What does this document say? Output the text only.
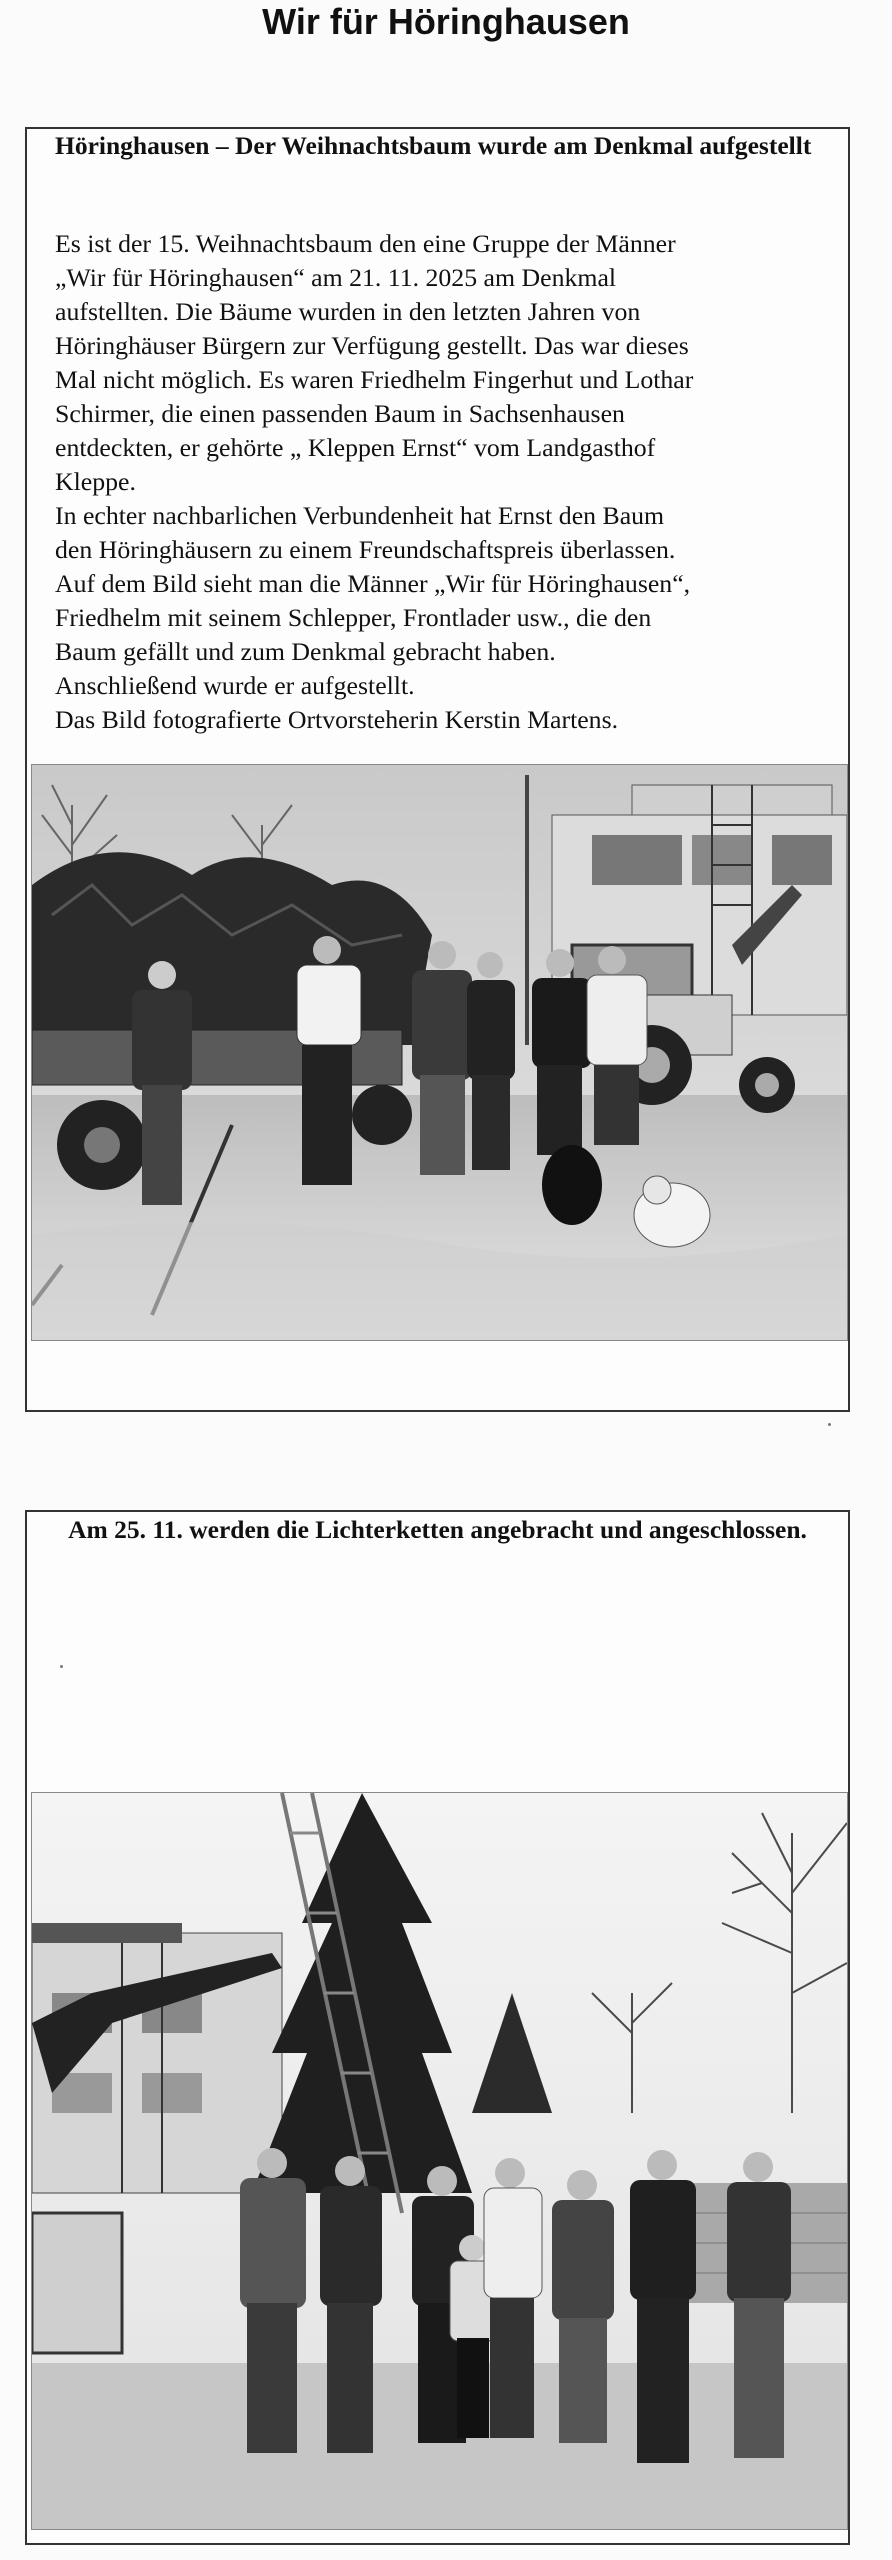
Wir für Höringhausen
Höringhausen – Der Weihnachtsbaum wurde am Denkmal aufgestellt

Es ist der 15. Weihnachtsbaum den eine Gruppe der Männer

„Wir für Höringhausen“ am 21. 11. 2025 am Denkmal

aufstellten. Die Bäume wurden in den letzten Jahren von

Höringhäuser Bürgern zur Verfügung gestellt. Das war dieses

Mal nicht möglich. Es waren Friedhelm Fingerhut und Lothar

Schirmer, die einen passenden Baum in Sachsenhausen

entdeckten, er gehörte „ Kleppen Ernst“ vom Landgasthof

Kleppe.

In echter nachbarlichen Verbundenheit hat Ernst den Baum

den Höringhäusern zu einem Freundschaftspreis überlassen.

Auf dem Bild sieht man die Männer „Wir für Höringhausen“,

Friedhelm mit seinem Schlepper, Frontlader usw., die den

Baum gefällt und zum Denkmal gebracht haben.

Anschließend wurde er aufgestellt.

Das Bild fotografierte Ortvorsteherin Kerstin Martens.

Am 25. 11. werden die Lichterketten angebracht und angeschlossen.
